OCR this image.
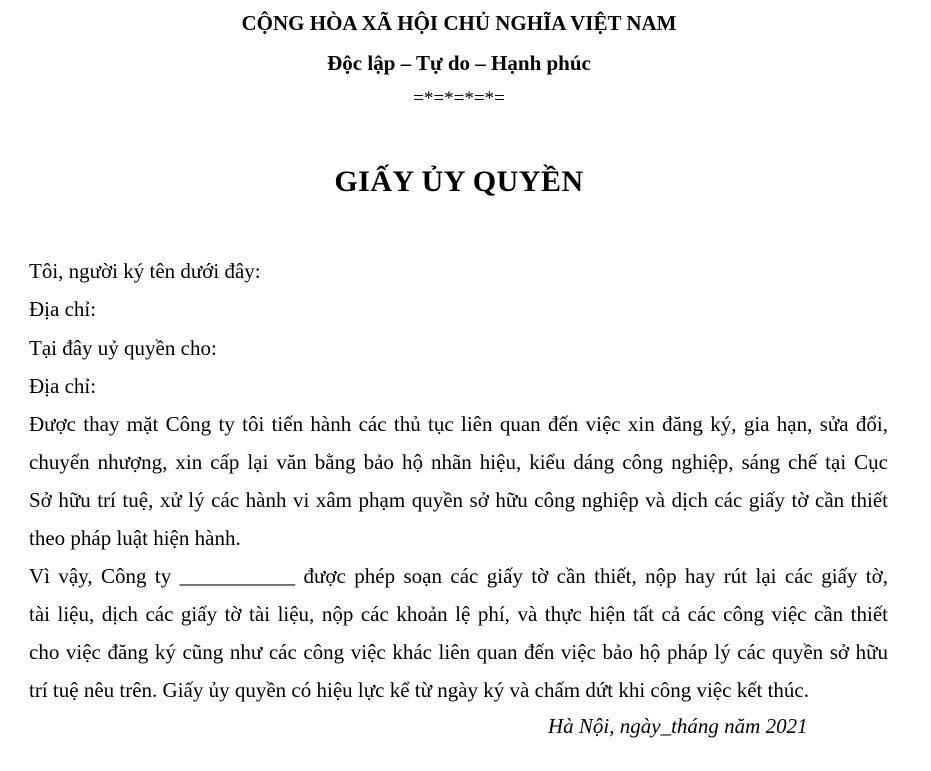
CỘNG HÒA XÃ HỘI CHỦ NGHĨA VIỆT NAM
Độc lập – Tự do – Hạnh phúc
=*=*=*=*=
GIẤY ỦY QUYỀN
Tôi, người ký tên dưới đây:
Địa chỉ:
Tại đây uỷ quyền cho:
Địa chỉ:
Được thay mặt Công ty tôi tiến hành các thủ tục liên quan đến việc xin đăng ký, gia hạn, sửa đổi,
chuyển nhượng, xin cấp lại văn bằng bảo hộ nhãn hiệu, kiểu dáng công nghiệp, sáng chế tại Cục
Sở hữu trí tuệ, xử lý các hành vi xâm phạm quyền sở hữu công nghiệp và dịch các giấy tờ cần thiết
theo pháp luật hiện hành.
Vì vậy, Công ty ___________ được phép soạn các giấy tờ cần thiết, nộp hay rút lại các giấy tờ,
tài liệu, dịch các giấy tờ tài liệu, nộp các khoản lệ phí, và thực hiện tất cả các công việc cần thiết
cho việc đăng ký cũng như các công việc khác liên quan đến việc bảo hộ pháp lý các quyền sở hữu
trí tuệ nêu trên. Giấy ủy quyền có hiệu lực kể từ ngày ký và chấm dứt khi công việc kết thúc.
Hà Nội, ngày_tháng năm 2021
